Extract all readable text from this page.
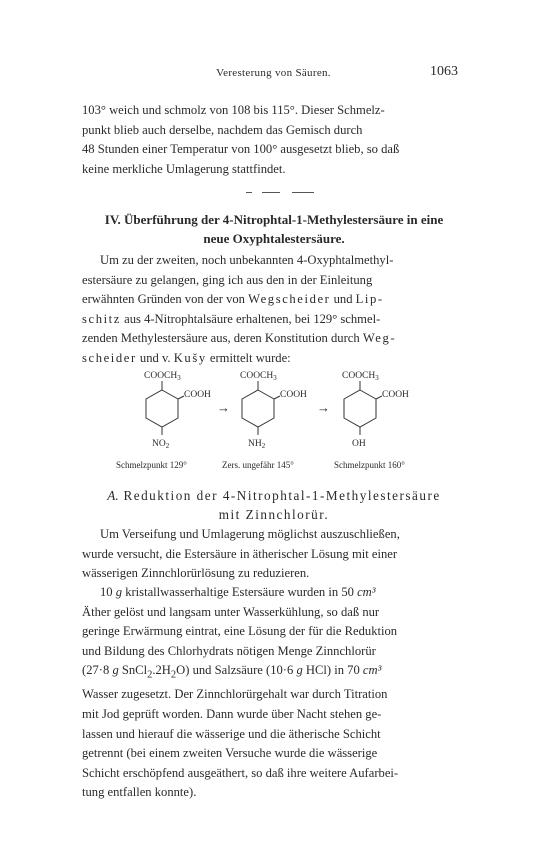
Veresterung von Säuren.	1063

103° weich und schmolz von 108 bis 115°. Dieser Schmelz-

punkt blieb auch derselbe, nachdem das Gemisch durch

48 Stunden einer Temperatur von 100° ausgesetzt blieb, so daß

keine merkliche Umlagerung stattfindet.

IV. Überführung der 4-Nitrophtal-1-Methylestersäure in eine
neue Oxyphtalestersäure.

Um zu der zweiten, noch unbekannten 4-Oxyphtalmethyl-

estersäure zu gelangen, ging ich aus den in der Einleitung

erwähnten Gründen von der von Wegscheider und Lip-

schitz aus 4-Nitrophtalsäure erhaltenen, bei 129° schmel-

zenden Methylestersäure aus, deren Konstitution durch Weg-

scheider und v. Kušy ermittelt wurde:

$COOCH_3$
COOH
$NO_2$
Schmelzpunkt 129°
→
$COOCH_3$
COOH
$NH_2$
Zers. ungefähr 145°
→
$COOCH_3$
COOH
OH
Schmelzpunkt 160°
A. Reduktion der 4-Nitrophtal-1-Methylestersäure
mit Zinnchlorür.

Um Verseifung und Umlagerung möglichst auszuschließen,

wurde versucht, die Estersäure in ätherischer Lösung mit einer

wässerigen Zinnchlorürlösung zu reduzieren.

10 g kristallwasserhaltige Estersäure wurden in 50 cm³

Äther gelöst und langsam unter Wasserkühlung, so daß nur

geringe Erwärmung eintrat, eine Lösung der für die Reduktion

und Bildung des Chlorhydrats nötigen Menge Zinnchlorür

(27·8 g $SnCl_2.2H_2O$) und Salzsäure (10·6 g HCl) in 70 cm³

Wasser zugesetzt. Der Zinnchlorürgehalt war durch Titration

mit Jod geprüft worden. Dann wurde über Nacht stehen ge-

lassen und hierauf die wässerige und die ätherische Schicht

getrennt (bei einem zweiten Versuche wurde die wässerige

Schicht erschöpfend ausgeäthert, so daß ihre weitere Aufarbei-

tung entfallen konnte).
